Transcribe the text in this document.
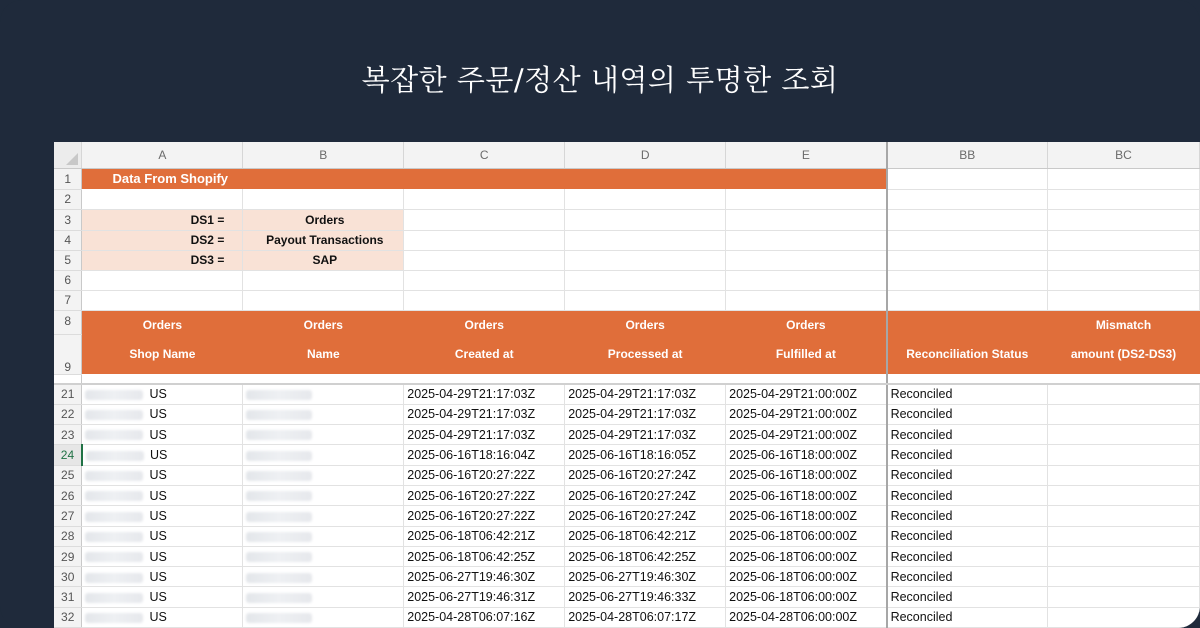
복잡한 주문/정산 내역의 투명한 조회
	A	B	C	D	E	BB	BC
1	Data From Shopify						
2							
3	DS1 =	Orders					
4	DS2 =	Payout Transactions					
5	DS3 =	SAP					
6							
7							
8	Orders	Orders	Orders	Orders	Orders		Mismatch
9	Shop Name	Name	Created at	Processed at	Fulfilled at	Reconciliation Status	amount (DS2-DS3)

21	US		2025-04-29T21:17:03Z	2025-04-29T21:17:03Z	2025-04-29T21:00:00Z	Reconciled	
22	US		2025-04-29T21:17:03Z	2025-04-29T21:17:03Z	2025-04-29T21:00:00Z	Reconciled	
23	US		2025-04-29T21:17:03Z	2025-04-29T21:17:03Z	2025-04-29T21:00:00Z	Reconciled	
24	US		2025-06-16T18:16:04Z	2025-06-16T18:16:05Z	2025-06-16T18:00:00Z	Reconciled	
25	US		2025-06-16T20:27:22Z	2025-06-16T20:27:24Z	2025-06-16T18:00:00Z	Reconciled	
26	US		2025-06-16T20:27:22Z	2025-06-16T20:27:24Z	2025-06-16T18:00:00Z	Reconciled	
27	US		2025-06-16T20:27:22Z	2025-06-16T20:27:24Z	2025-06-16T18:00:00Z	Reconciled	
28	US		2025-06-18T06:42:21Z	2025-06-18T06:42:21Z	2025-06-18T06:00:00Z	Reconciled	
29	US		2025-06-18T06:42:25Z	2025-06-18T06:42:25Z	2025-06-18T06:00:00Z	Reconciled	
30	US		2025-06-27T19:46:30Z	2025-06-27T19:46:30Z	2025-06-18T06:00:00Z	Reconciled	
31	US		2025-06-27T19:46:31Z	2025-06-27T19:46:33Z	2025-06-18T06:00:00Z	Reconciled	
32	US		2025-04-28T06:07:16Z	2025-04-28T06:07:17Z	2025-04-28T06:00:00Z	Reconciled	
